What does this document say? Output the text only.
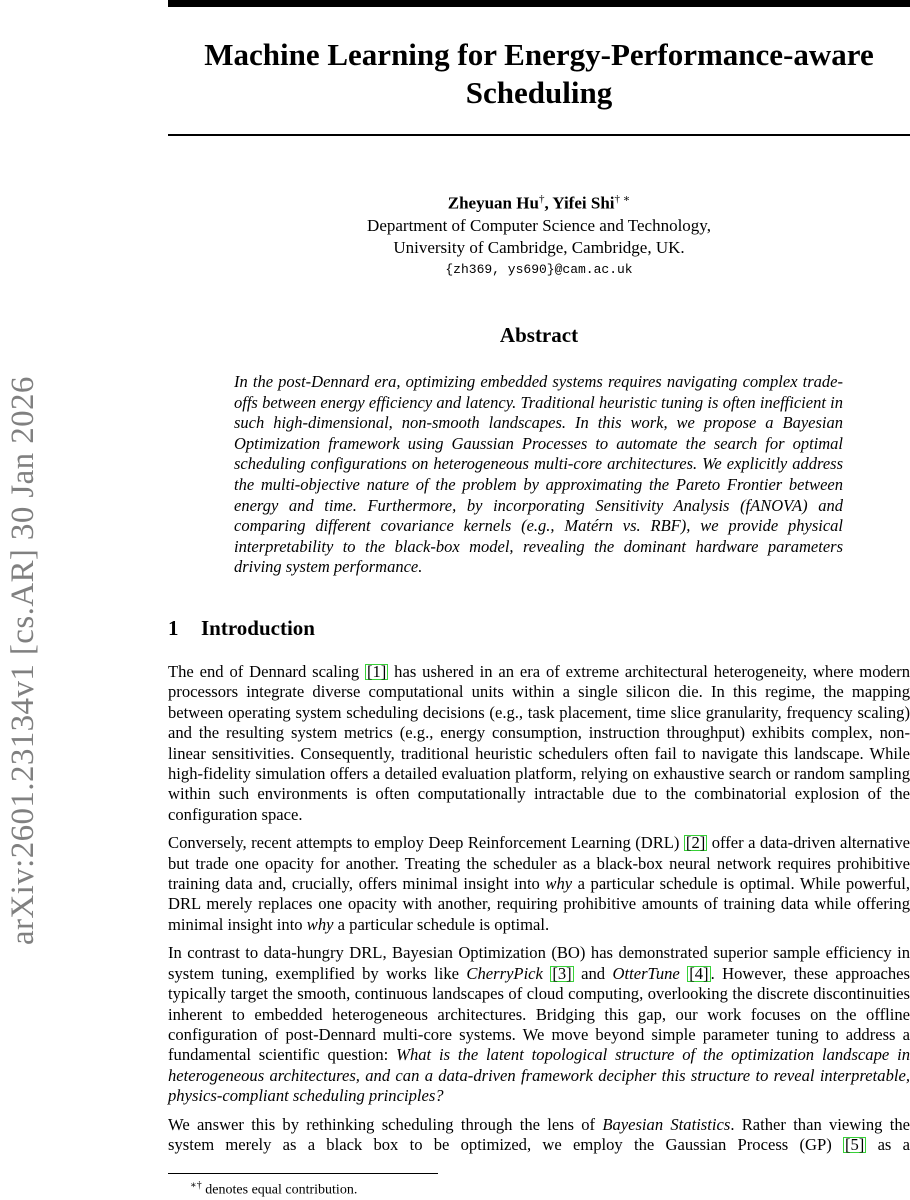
Machine Learning for Energy-Performance-aware
Scheduling
Zheyuan Hu†, Yifei Shi† ∗
Department of Computer Science and Technology,
University of Cambridge, Cambridge, UK.
{zh369, ys690}@cam.ac.uk
Abstract

In the post-Dennard era, optimizing embedded systems requires navigating complex trade-offs between energy efficiency and latency. Traditional heuristic tuning is often inefficient in such high-dimensional, non-smooth landscapes. In this work, we propose a Bayesian Optimization framework using Gaussian Processes to automate the search for optimal scheduling configurations on heterogeneous multi-core architectures. We explicitly address the multi-objective nature of the problem by approximating the Pareto Frontier between energy and time. Furthermore, by incorporating Sensitivity Analysis (fANOVA) and comparing different covariance kernels (e.g., Matérn vs. RBF), we provide physical interpretability to the black-box model, revealing the dominant hardware parameters driving system performance.

1 Introduction

The end of Dennard scaling [1] has ushered in an era of extreme architectural heterogeneity, where modern processors integrate diverse computational units within a single silicon die. In this regime, the mapping between operating system scheduling decisions (e.g., task placement, time slice granularity, frequency scaling) and the resulting system metrics (e.g., energy consumption, instruction throughput) exhibits complex, non-linear sensitivities. Consequently, traditional heuristic schedulers often fail to navigate this landscape. While high-fidelity simulation offers a detailed evaluation platform, relying on exhaustive search or random sampling within such environments is often computationally intractable due to the combinatorial explosion of the configuration space.

Conversely, recent attempts to employ Deep Reinforcement Learning (DRL) [2] offer a data-driven alternative but trade one opacity for another. Treating the scheduler as a black-box neural network requires prohibitive training data and, crucially, offers minimal insight into why a particular schedule is optimal. While powerful, DRL merely replaces one opacity with another, requiring prohibitive amounts of training data while offering minimal insight into why a particular schedule is optimal.

In contrast to data-hungry DRL, Bayesian Optimization (BO) has demonstrated superior sample efficiency in system tuning, exemplified by works like CherryPick [3] and OtterTune [4] . However, these approaches typically target the smooth, continuous landscapes of cloud computing, overlooking the discrete discontinuities inherent to embedded heterogeneous architectures. Bridging this gap, our work focuses on the offline configuration of post-Dennard multi-core systems. We move beyond simple parameter tuning to address a fundamental scientific question: What is the latent topological structure of the optimization landscape in heterogeneous architectures, and can a data-driven framework decipher this structure to reveal interpretable, physics-compliant scheduling principles?

We answer this by rethinking scheduling through the lens of Bayesian Statistics. Rather than viewing the system merely as a black box to be optimized, we employ the Gaussian Process (GP) [5] as a

∗† denotes equal contribution.
arXiv:2601.23134v1 [cs.AR] 30 Jan 2026
